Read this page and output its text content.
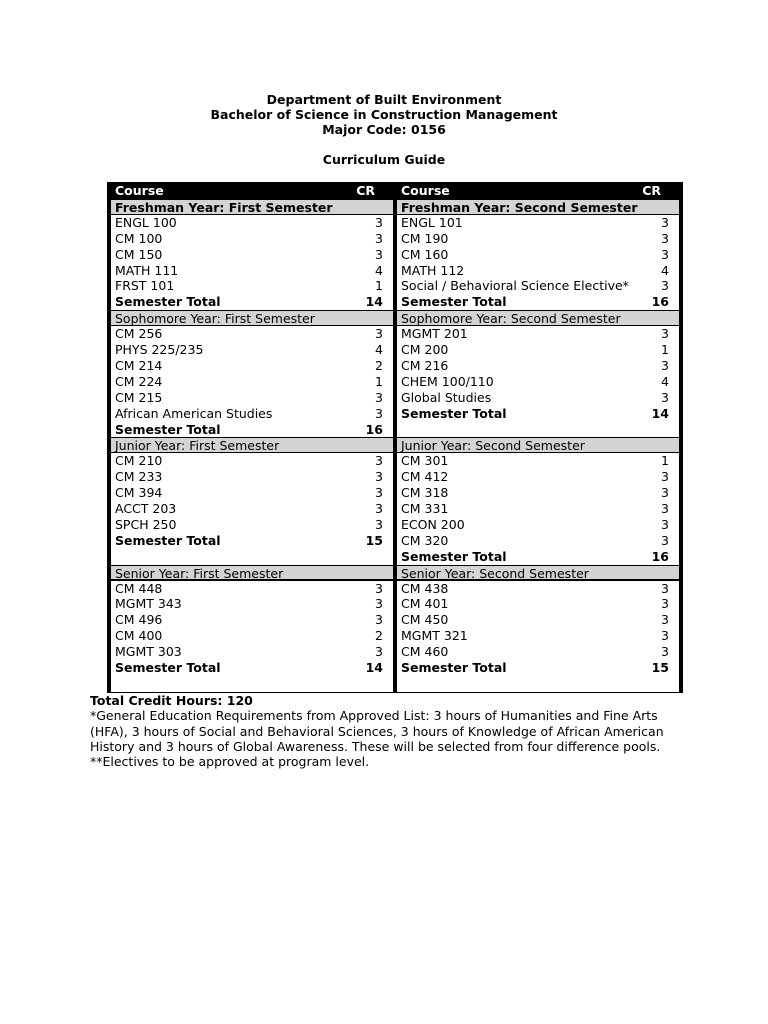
Department of Built Environment
Bachelor of Science in Construction Management
Major Code: 0156
Curriculum Guide
Course	CR
Freshman Year: First Semester
ENGL 100	3
CM 100	3
CM 150	3
MATH 111	4
FRST 101	1
Semester Total	14
Sophomore Year: First Semester
CM 256	3
PHYS 225/235	4
CM 214	2
CM 224	1
CM 215	3
African American Studies	3
Semester Total	16
Junior Year: First Semester
CM 210	3
CM 233	3
CM 394	3
ACCT 203	3
SPCH 250	3
Semester Total	15
Senior Year: First Semester
CM 448	3
MGMT 343	3
CM 496	3
CM 400	2
MGMT 303	3
Semester Total	14
Course	CR
Freshman Year: Second Semester
ENGL 101	3
CM 190	3
CM 160	3
MATH 112	4
Social / Behavioral Science Elective*	3
Semester Total	16
Sophomore Year: Second Semester
MGMT 201	3
CM 200	1
CM 216	3
CHEM 100/110	4
Global Studies	3
Semester Total	14
Junior Year: Second Semester
CM 301	1
CM 412	3
CM 318	3
CM 331	3
ECON 200	3
CM 320	3
Semester Total	16
Senior Year: Second Semester
CM 438	3
CM 401	3
CM 450	3
MGMT 321	3
CM 460	3
Semester Total	15
Total Credit Hours: 120
*General Education Requirements from Approved List: 3 hours of Humanities and Fine Arts
(HFA), 3 hours of Social and Behavioral Sciences, 3 hours of Knowledge of African American
History and 3 hours of Global Awareness. These will be selected from four difference pools.
**Electives to be approved at program level.
